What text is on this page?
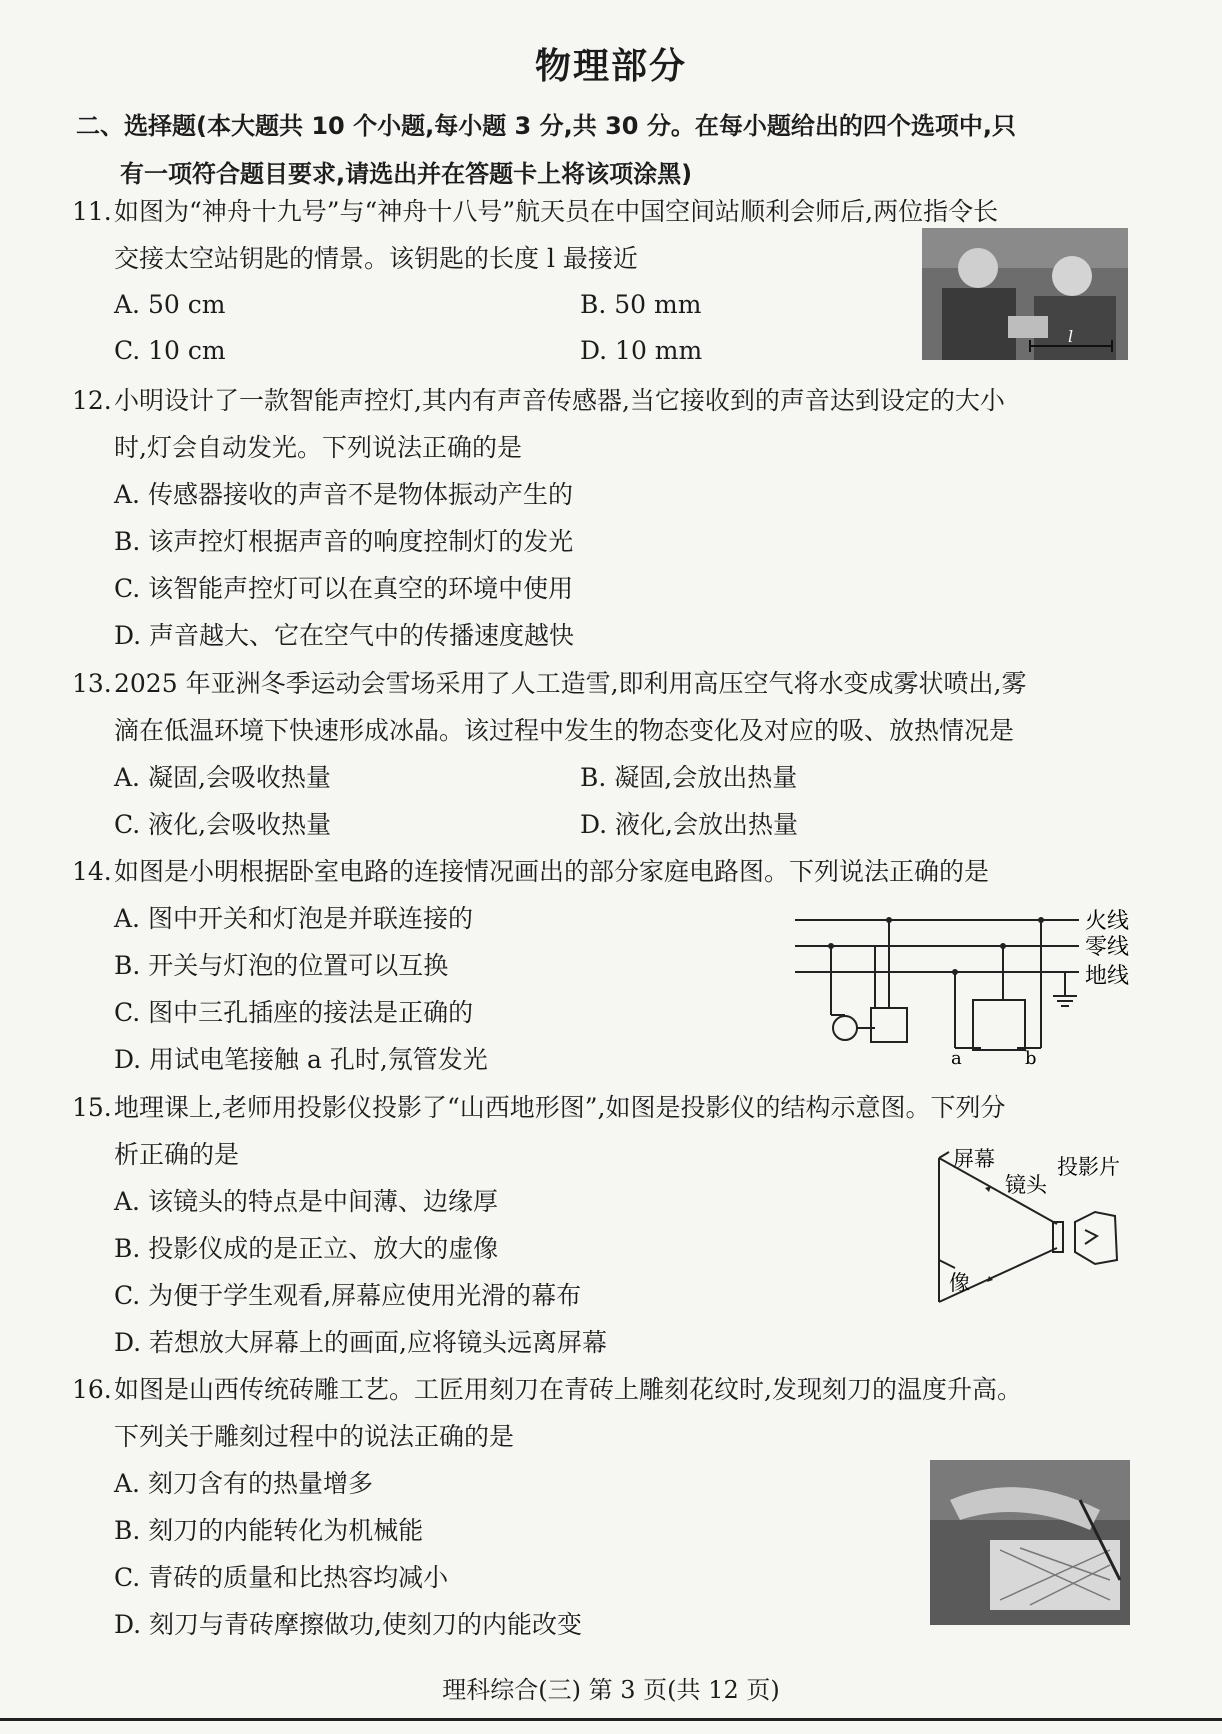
物理部分
二、选择题(本大题共 10 个小题,每小题 3 分,共 30 分。在每小题给出的四个选项中,只
有一项符合题目要求,请选出并在答题卡上将该项涂黑)
11.如图为“神舟十九号”与“神舟十八号”航天员在中国空间站顺利会师后,两位指令长
交接太空站钥匙的情景。该钥匙的长度 l 最接近
A. 50 cm	B. 50 mm
C. 10 cm	D. 10 mm	l
12.小明设计了一款智能声控灯,其内有声音传感器,当它接收到的声音达到设定的大小
时,灯会自动发光。下列说法正确的是
A. 传感器接收的声音不是物体振动产生的
B. 该声控灯根据声音的响度控制灯的发光
C. 该智能声控灯可以在真空的环境中使用
D. 声音越大、它在空气中的传播速度越快
13.2025 年亚洲冬季运动会雪场采用了人工造雪,即利用高压空气将水变成雾状喷出,雾
滴在低温环境下快速形成冰晶。该过程中发生的物态变化及对应的吸、放热情况是
A. 凝固,会吸收热量	B. 凝固,会放出热量
C. 液化,会吸收热量	D. 液化,会放出热量
14.如图是小明根据卧室电路的连接情况画出的部分家庭电路图。下列说法正确的是
A. 图中开关和灯泡是并联连接的
B. 开关与灯泡的位置可以互换
C. 图中三孔插座的接法是正确的
D. 用试电笔接触 a 孔时,氖管发光
火线
零线
地线
a	b
15.地理课上,老师用投影仪投影了“山西地形图”,如图是投影仪的结构示意图。下列分
析正确的是
A. 该镜头的特点是中间薄、边缘厚
B. 投影仪成的是正立、放大的虚像
C. 为便于学生观看,屏幕应使用光滑的幕布
D. 若想放大屏幕上的画面,应将镜头远离屏幕
屏幕
镜头
投影片
像
16.如图是山西传统砖雕工艺。工匠用刻刀在青砖上雕刻花纹时,发现刻刀的温度升高。
下列关于雕刻过程中的说法正确的是
A. 刻刀含有的热量增多
B. 刻刀的内能转化为机械能
C. 青砖的质量和比热容均减小
D. 刻刀与青砖摩擦做功,使刻刀的内能改变
理科综合(三) 第 3 页(共 12 页)
